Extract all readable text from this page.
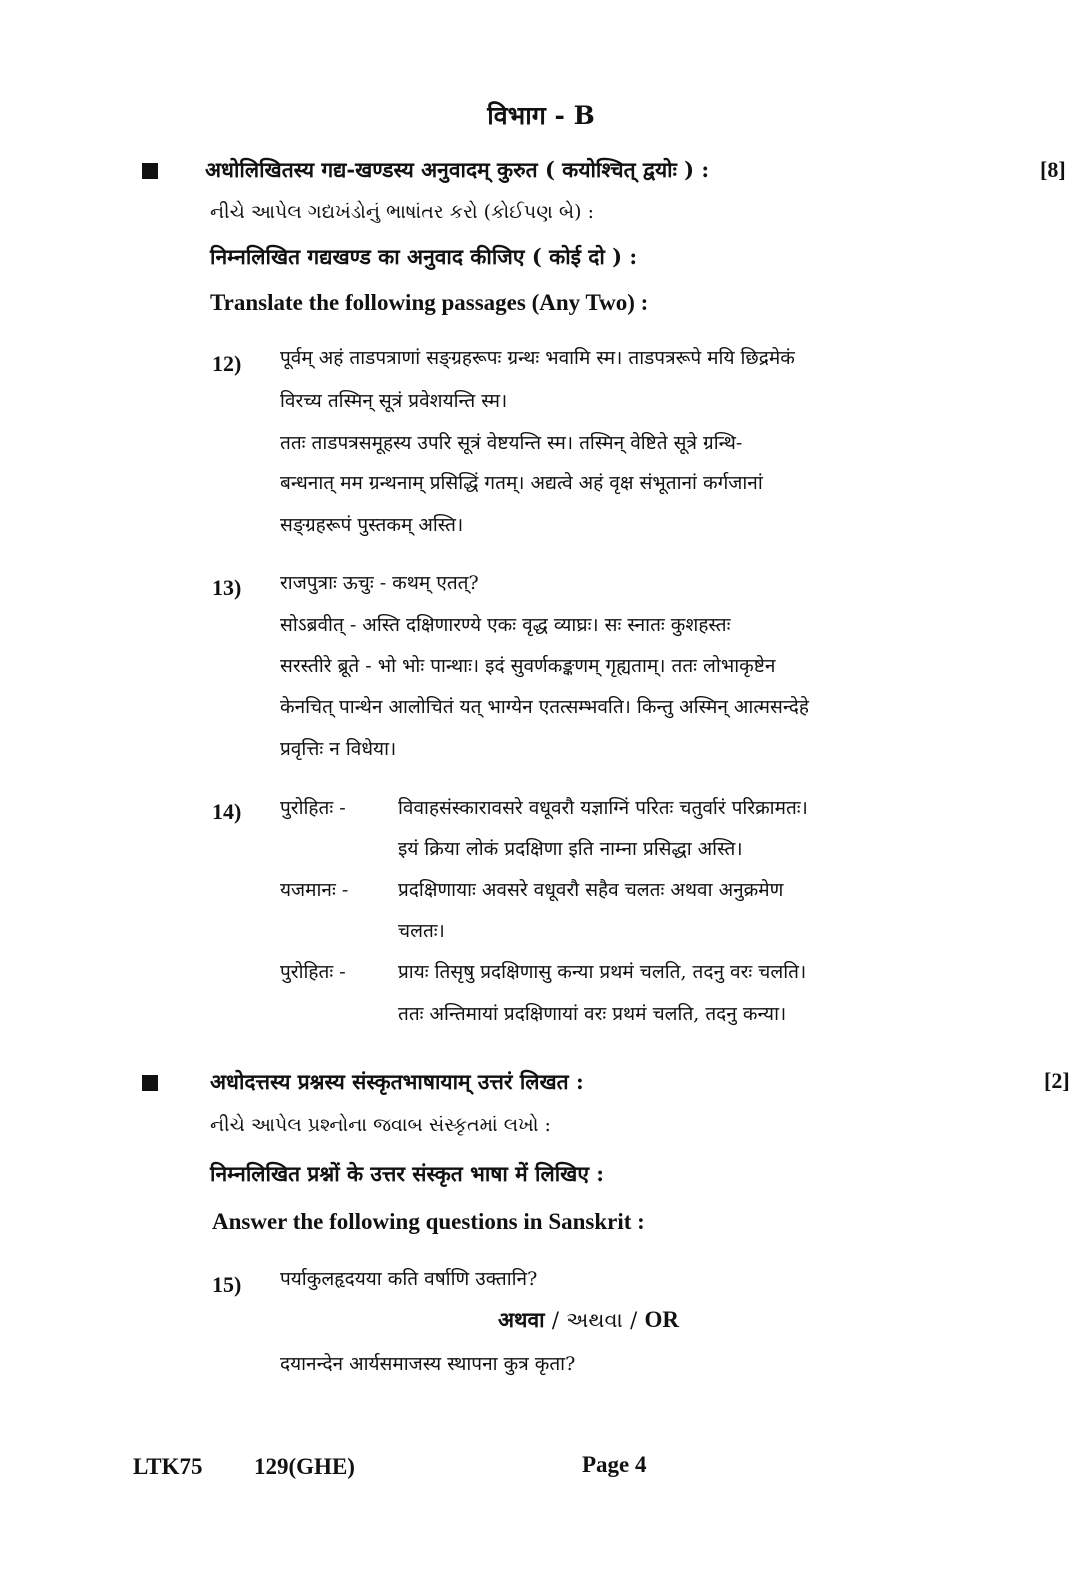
विभाग - B
[8]
अधोलिखितस्य गद्य-खण्डस्य अनुवादम् कुरुत ( कयोश्चित् द्वयोः ) :
નીચે આપેલ ગદ્યખંડોનું ભાષાંતર કરો (કોઈપણ બે) :
निम्नलिखित गद्यखण्ड का अनुवाद कीजिए ( कोई दो ) :
Translate the following passages (Any Two) :
12) पूर्वम् अहं ताडपत्राणां सङ्ग्रहरूपः ग्रन्थः भवामि स्म। ताडपत्ररूपे मयि छिद्रमेकं
विरच्य तस्मिन् सूत्रं प्रवेशयन्ति स्म।
ततः ताडपत्रसमूहस्य उपरि सूत्रं वेष्टयन्ति स्म। तस्मिन् वेष्टिते सूत्रे ग्रन्थि-
बन्धनात् मम ग्रन्थनाम् प्रसिद्धिं गतम्। अद्यत्वे अहं वृक्ष संभूतानां कर्गजानां
सङ्ग्रहरूपं पुस्तकम् अस्ति।
13) राजपुत्राः ऊचुः - कथम् एतत्?
सोऽब्रवीत् - अस्ति दक्षिणारण्ये एकः वृद्ध व्याघ्रः। सः स्नातः कुशहस्तः
सरस्तीरे ब्रूते - भो भोः पान्थाः। इदं सुवर्णकङ्कणम् गृह्यताम्। ततः लोभाकृष्टेन
केनचित् पान्थेन आलोचितं यत् भाग्येन एतत्सम्भवति। किन्तु अस्मिन् आत्मसन्देहे
प्रवृत्तिः न विधेया।
14) पुरोहितः -	विवाहसंस्कारावसरे वधूवरौ यज्ञाग्निं परितः चतुर्वारं परिक्रामतः।
इयं क्रिया लोकं प्रदक्षिणा इति नाम्ना प्रसिद्धा अस्ति।
यजमानः -	प्रदक्षिणायाः अवसरे वधूवरौ सहैव चलतः अथवा अनुक्रमेण
चलतः।
पुरोहितः -	प्रायः तिसृषु प्रदक्षिणासु कन्या प्रथमं चलति, तदनु वरः चलति।
ततः अन्तिमायां प्रदक्षिणायां वरः प्रथमं चलति, तदनु कन्या।
[2]
अधोदत्तस्य प्रश्नस्य संस्कृतभाषायाम् उत्तरं लिखत :
નીચે આપેલ પ્રશ્નોના જવાબ સંસ્કૃતમાં લખો :
निम्नलिखित प्रश्नों के उत्तर संस्कृत भाषा में लिखिए :
Answer the following questions in Sanskrit :
15) पर्याकुलहृदयया कति वर्षाणि उक्तानि?
अथवा / અથવા / OR
दयानन्देन आर्यसमाजस्य स्थापना कुत्र कृता?
LTK75 129(GHE)	Page 4
